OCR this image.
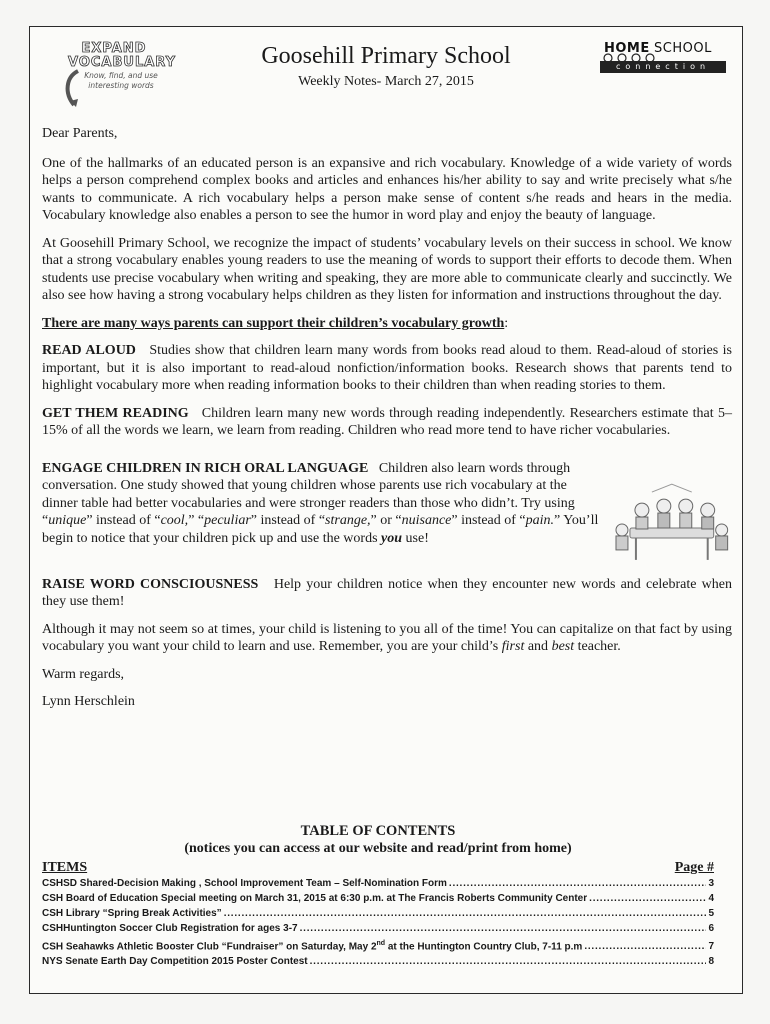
EXPAND
VOCABULARY
Know, find, and use interesting words
Goosehill Primary School
Weekly Notes- March 27, 2015
HOME SCHOOL
connection

Dear Parents,

One of the hallmarks of an educated person is an expansive and rich vocabulary. Knowledge of a wide variety of words helps a person comprehend complex books and articles and enhances his/her ability to say and write precisely what s/he wants to communicate. A rich vocabulary helps a person make sense of content s/he reads and hears in the media. Vocabulary knowledge also enables a person to see the humor in word play and enjoy the beauty of language.

At Goosehill Primary School, we recognize the impact of students’ vocabulary levels on their success in school. We know that a strong vocabulary enables young readers to use the meaning of words to support their efforts to decode them. When students use precise vocabulary when writing and speaking, they are more able to communicate clearly and succinctly. We also see how having a strong vocabulary helps children as they listen for information and instructions throughout the day.

There are many ways parents can support their children’s vocabulary growth:

READ ALOUD Studies show that children learn many words from books read aloud to them. Read-aloud of stories is important, but it is also important to read-aloud nonfiction/information books. Research shows that parents tend to highlight vocabulary more when reading information books to their children than when reading stories to them.

GET THEM READING Children learn many new words through reading independently. Researchers estimate that 5–15% of all the words we learn, we learn from reading. Children who read more tend to have richer vocabularies.

ENGAGE CHILDREN IN RICH ORAL LANGUAGE Children also learn words through conversation. One study showed that young children whose parents use rich vocabulary at the dinner table had better vocabularies and were stronger readers than those who didn’t. Try using “unique” instead of “cool,” “peculiar” instead of “strange,” or “nuisance” instead of “pain.” You’ll begin to notice that your children pick up and use the words you use!

RAISE WORD CONSCIOUSNESS Help your children notice when they encounter new words and celebrate when they use them!

Although it may not seem so at times, your child is listening to you all of the time! You can capitalize on that fact by using vocabulary you want your child to learn and use. Remember, you are your child’s first and best teacher.

Warm regards,

Lynn Herschlein

TABLE OF CONTENTS
(notices you can access at our website and read/print from home)
ITEMS	Page #
CSHSD Shared-Decision Making , School Improvement Team – Self-Nomination Form . . .	3
CSH Board of Education Special meeting on March 31, 2015 at 6:30 p.m. at The Francis Roberts Community Center . . .	4
CSH Library “Spring Break Activities” . . .	5
CSHHuntington Soccer Club Registration for ages 3-7 . . .	6
CSH Seahawks Athletic Booster Club “Fundraiser” on Saturday, May 2nd at the Huntington Country Club, 7-11 p.m . . .	7
NYS Senate Earth Day Competition 2015 Poster Contest . . .	8
